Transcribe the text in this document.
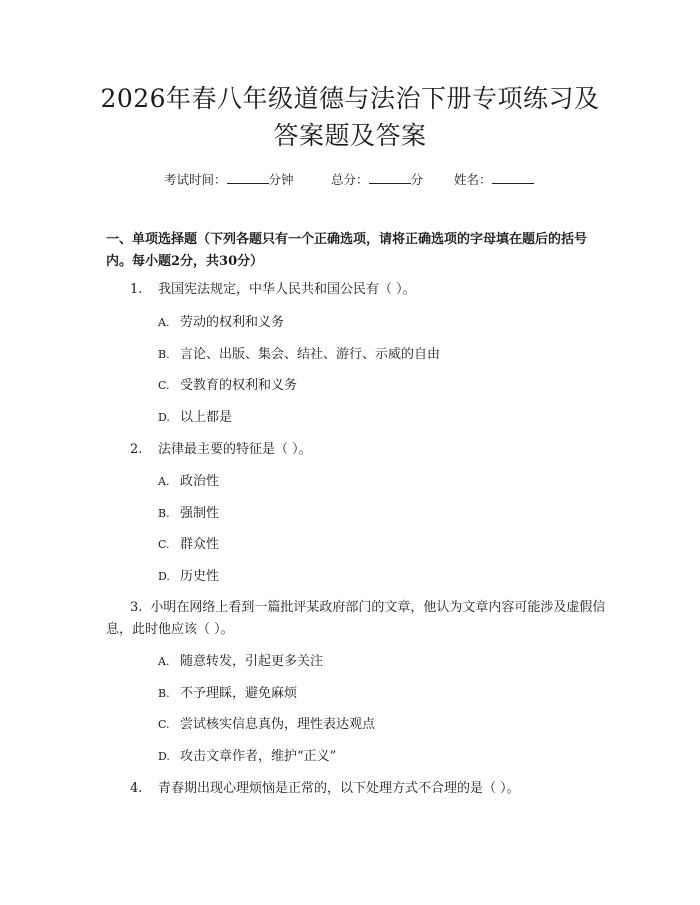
2026年春八年级道德与法治下册专项练习及
答案题及答案
考试时间：	分钟	总分：	分 姓名：
一、单项选择题（下列各题只有一个正确选项，请将正确选项的字母填在题后的括号内。每小题2分，共30分）
1. 我国宪法规定，中华人民共和国公民有（ ）。
A. 劳动的权利和义务
B. 言论、出版、集会、结社、游行、示威的自由
C. 受教育的权利和义务
D. 以上都是
2. 法律最主要的特征是（ ）。
A. 政治性
B. 强制性
C. 群众性
D. 历史性
3. 小明在网络上看到一篇批评某政府部门的文章，他认为文章内容可能涉及虚假信息，此时他应该（ ）。
A. 随意转发，引起更多关注
B. 不予理睬，避免麻烦
C. 尝试核实信息真伪，理性表达观点
D. 攻击文章作者，维护“正义”
4. 青春期出现心理烦恼是正常的，以下处理方式不合理的是（ ）。
